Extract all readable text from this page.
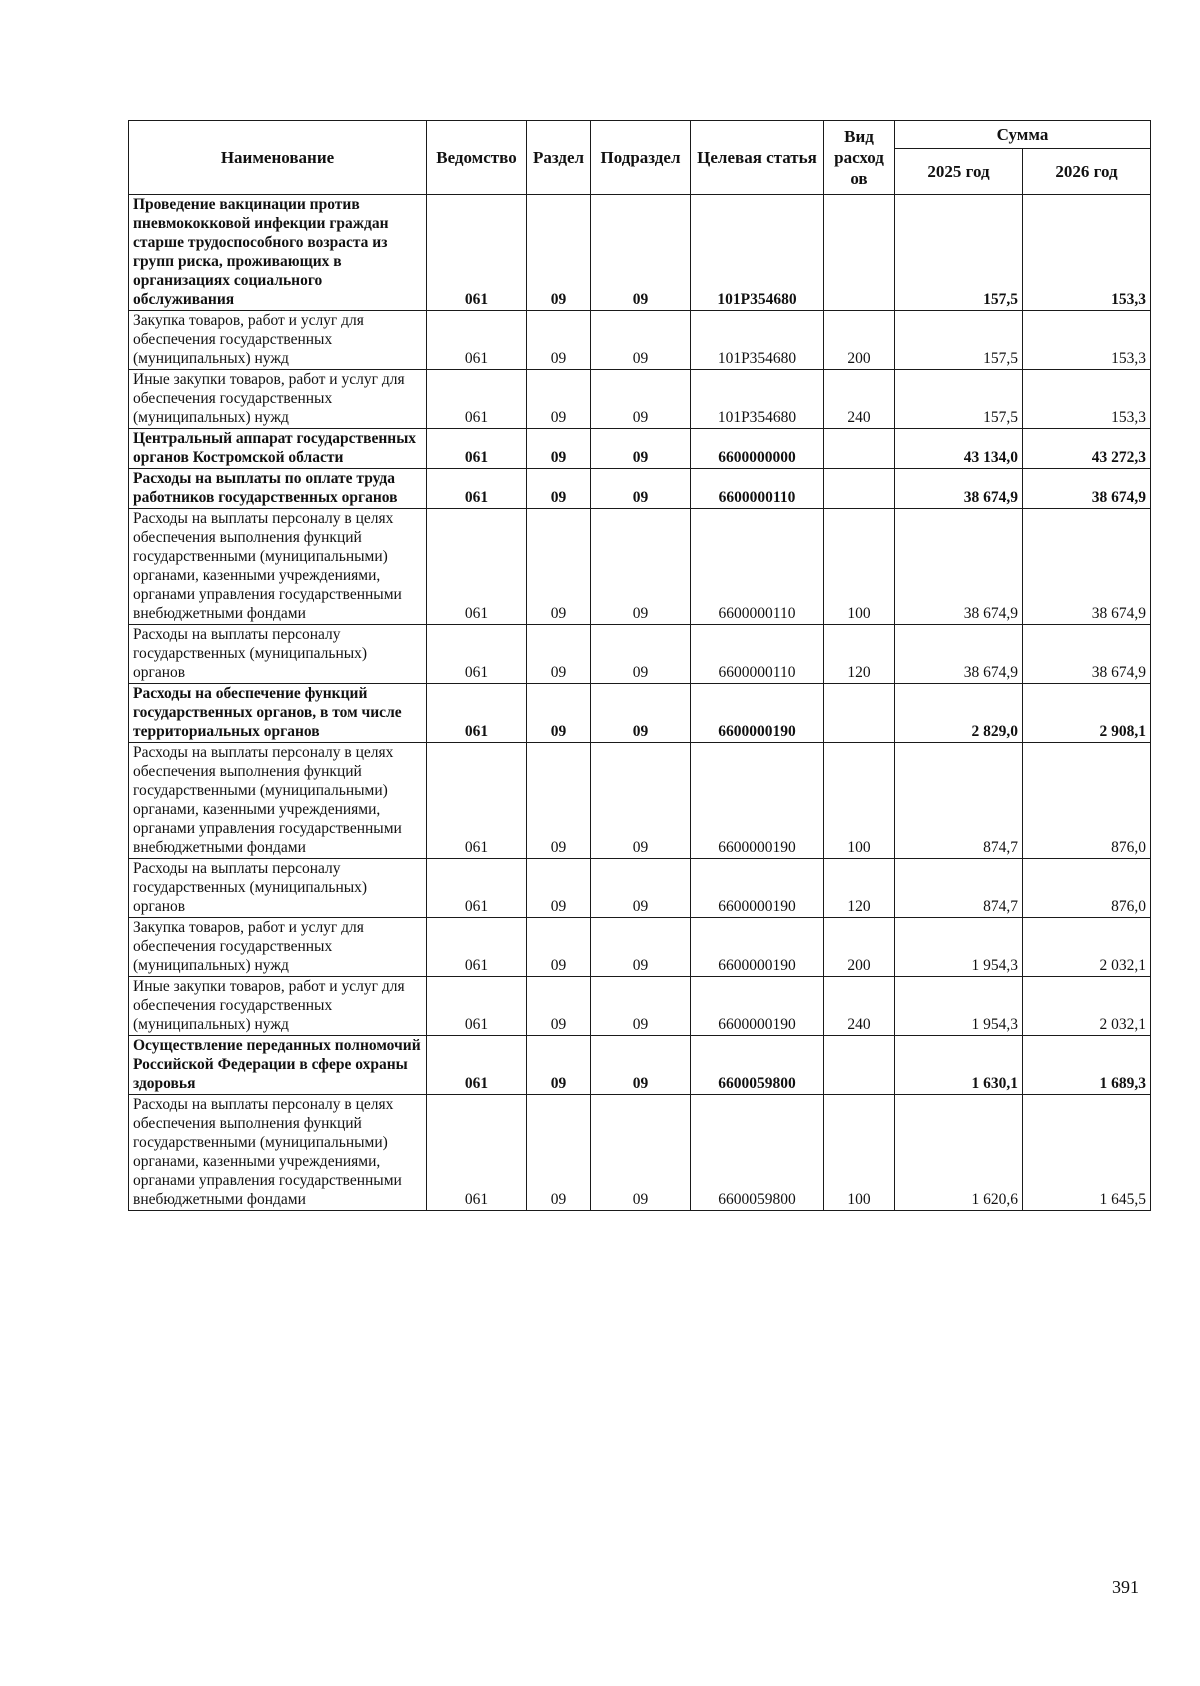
Наименование	Ведомство	Раздел	Подраздел	Целевая статья	Вид расход ов	Сумма	
						2025 год	2026 год
Проведение вакцинации против пневмококковой инфекции граждан старше трудоспособного возраста из групп риска, проживающих в организациях социального обслуживания	061	09	09	101P354680		157,5	153,3
Закупка товаров, работ и услуг для обеспечения государственных (муниципальных) нужд	061	09	09	101P354680	200	157,5	153,3
Иные закупки товаров, работ и услуг для обеспечения государственных (муниципальных) нужд	061	09	09	101P354680	240	157,5	153,3
Центральный аппарат государственных органов Костромской области	061	09	09	6600000000		43 134,0	43 272,3
Расходы на выплаты по оплате труда работников государственных органов	061	09	09	6600000110		38 674,9	38 674,9
Расходы на выплаты персоналу в целях обеспечения выполнения функций государственными (муниципальными) органами, казенными учреждениями, органами управления государственными внебюджетными фондами	061	09	09	6600000110	100	38 674,9	38 674,9
Расходы на выплаты персоналу государственных (муниципальных) органов	061	09	09	6600000110	120	38 674,9	38 674,9
Расходы на обеспечение функций государственных органов, в том числе территориальных органов	061	09	09	6600000190		2 829,0	2 908,1
Расходы на выплаты персоналу в целях обеспечения выполнения функций государственными (муниципальными) органами, казенными учреждениями, органами управления государственными внебюджетными фондами	061	09	09	6600000190	100	874,7	876,0
Расходы на выплаты персоналу государственных (муниципальных) органов	061	09	09	6600000190	120	874,7	876,0
Закупка товаров, работ и услуг для обеспечения государственных (муниципальных) нужд	061	09	09	6600000190	200	1 954,3	2 032,1
Иные закупки товаров, работ и услуг для обеспечения государственных (муниципальных) нужд	061	09	09	6600000190	240	1 954,3	2 032,1
Осуществление переданных полномочий Российской Федерации в сфере охраны здоровья	061	09	09	6600059800		1 630,1	1 689,3
Расходы на выплаты персоналу в целях обеспечения выполнения функций государственными (муниципальными) органами, казенными учреждениями, органами управления государственными внебюджетными фондами	061	09	09	6600059800	100	1 620,6	1 645,5
391
